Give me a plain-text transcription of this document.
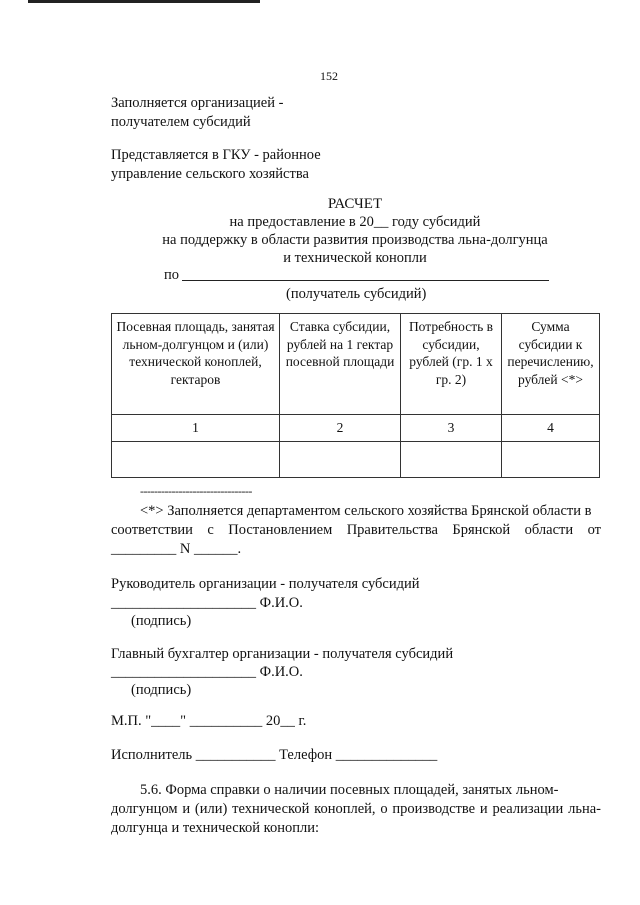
152
Заполняется организацией -
получателем субсидий
Представляется в ГКУ - районное
управление сельского хозяйства
РАСЧЕТ
на предоставление в 20__ году субсидий
на поддержку в области развития производства льна-долгунца
и технической конопли
по
(получатель субсидий)
Посевная площадь, занятая льном-долгунцом и (или) технической коноплей, гектаров	Ставка субсидии, рублей на 1 гектар посевной площади	Потребность в субсидии, рублей (гр. 1 x гр. 2)	Сумма субсидии к перечислению, рублей <*>
1	2	3	4

--------------------------------
<*> Заполняется департаментом сельского хозяйства Брянской области в
соответствии с Постановлением Правительства Брянской области от
_________ N ______.
Руководитель организации - получателя субсидий
____________________ Ф.И.О.
(подпись)
Главный бухгалтер организации - получателя субсидий
____________________ Ф.И.О.
(подпись)
М.П. "____" __________ 20__ г.
Исполнитель ___________ Телефон ______________
5.6. Форма справки о наличии посевных площадей, занятых льном-
долгунцом и (или) технической коноплей, о производстве и реализации льна-
долгунца и технической конопли:
